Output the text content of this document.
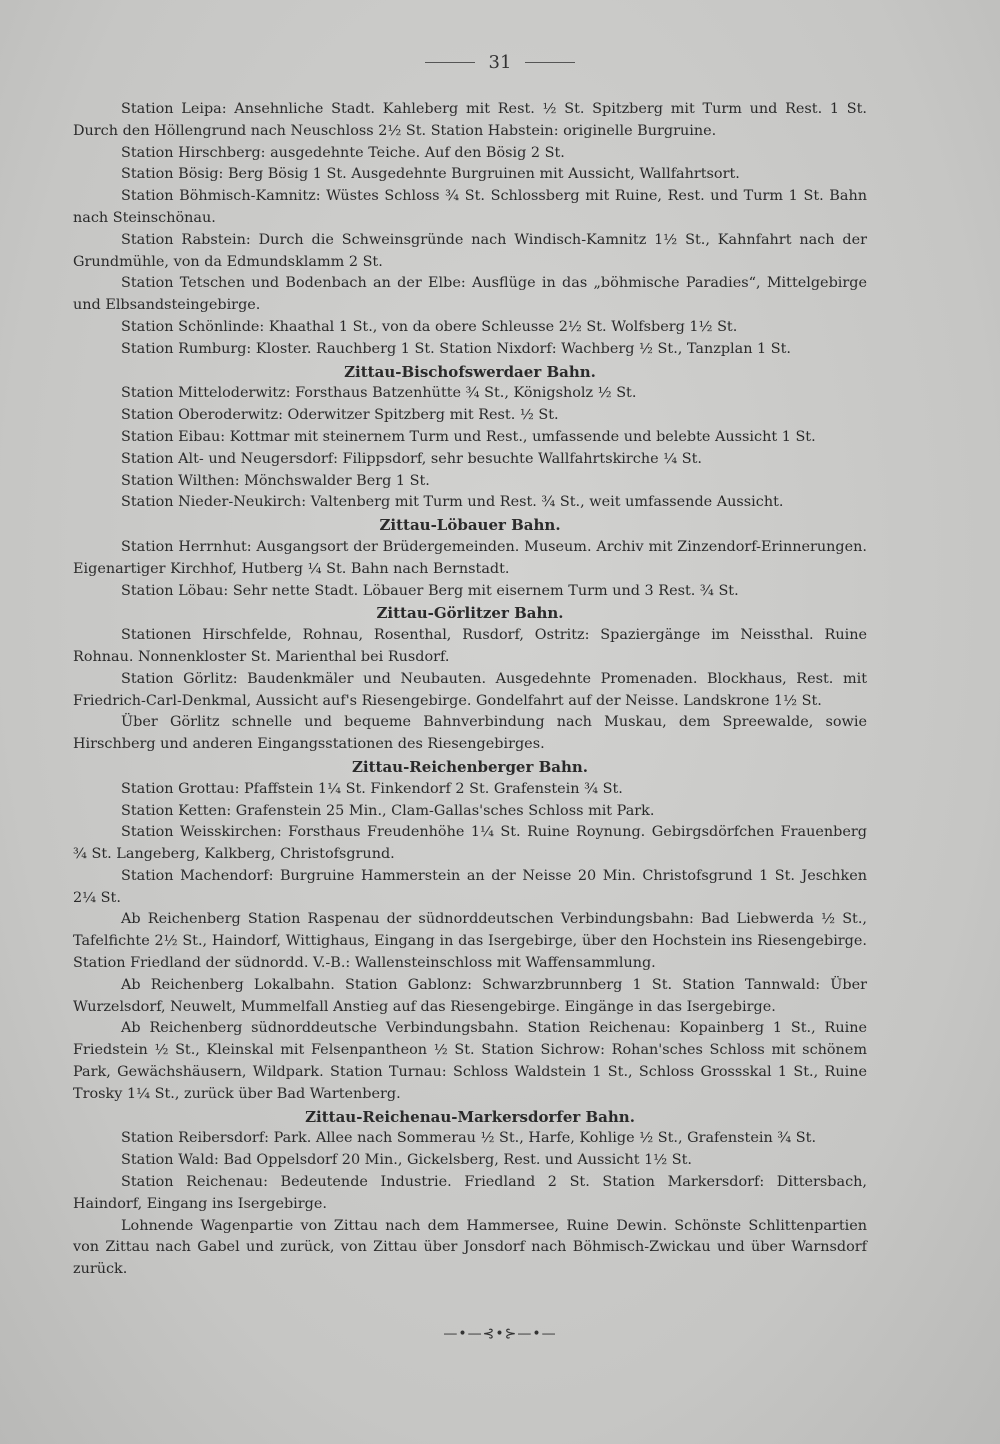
31

Station Leipa: Ansehnliche Stadt. Kahleberg mit Rest. ½ St. Spitzberg mit Turm und Rest. 1 St. Durch den Höllengrund nach Neuschloss 2½ St. Station Habstein: originelle Burgruine.

Station Hirschberg: ausgedehnte Teiche. Auf den Bösig 2 St.

Station Bösig: Berg Bösig 1 St. Ausgedehnte Burgruinen mit Aussicht, Wallfahrtsort.

Station Böhmisch-Kamnitz: Wüstes Schloss ¾ St. Schlossberg mit Ruine, Rest. und Turm 1 St. Bahn nach Steinschönau.

Station Rabstein: Durch die Schweinsgründe nach Windisch-Kamnitz 1½ St., Kahnfahrt nach der Grundmühle, von da Edmundsklamm 2 St.

Station Tetschen und Bodenbach an der Elbe: Ausflüge in das „böhmische Paradies“, Mittelgebirge und Elbsandsteingebirge.

Station Schönlinde: Khaathal 1 St., von da obere Schleusse 2½ St. Wolfsberg 1½ St.

Station Rumburg: Kloster. Rauchberg 1 St. Station Nixdorf: Wachberg ½ St., Tanzplan 1 St.

Zittau-Bischofswerdaer Bahn.

Station Mitteloderwitz: Forsthaus Batzenhütte ¾ St., Königsholz ½ St.

Station Oberoderwitz: Oderwitzer Spitzberg mit Rest. ½ St.

Station Eibau: Kottmar mit steinernem Turm und Rest., umfassende und belebte Aussicht 1 St.

Station Alt- und Neugersdorf: Filippsdorf, sehr besuchte Wallfahrtskirche ¼ St.

Station Wilthen: Mönchswalder Berg 1 St.

Station Nieder-Neukirch: Valtenberg mit Turm und Rest. ¾ St., weit umfassende Aussicht.

Zittau-Löbauer Bahn.

Station Herrnhut: Ausgangsort der Brüdergemeinden. Museum. Archiv mit Zinzendorf-Erinnerungen. Eigenartiger Kirchhof, Hutberg ¼ St. Bahn nach Bernstadt.

Station Löbau: Sehr nette Stadt. Löbauer Berg mit eisernem Turm und 3 Rest. ¾ St.

Zittau-Görlitzer Bahn.

Stationen Hirschfelde, Rohnau, Rosenthal, Rusdorf, Ostritz: Spaziergänge im Neissthal. Ruine Rohnau. Nonnenkloster St. Marienthal bei Rusdorf.

Station Görlitz: Baudenkmäler und Neubauten. Ausgedehnte Promenaden. Blockhaus, Rest. mit Friedrich-Carl-Denkmal, Aussicht auf's Riesengebirge. Gondelfahrt auf der Neisse. Landskrone 1½ St.

Über Görlitz schnelle und bequeme Bahnverbindung nach Muskau, dem Spreewalde, sowie Hirschberg und anderen Eingangsstationen des Riesengebirges.

Zittau-Reichenberger Bahn.

Station Grottau: Pfaffstein 1¼ St. Finkendorf 2 St. Grafenstein ¾ St.

Station Ketten: Grafenstein 25 Min., Clam-Gallas'sches Schloss mit Park.

Station Weisskirchen: Forsthaus Freudenhöhe 1¼ St. Ruine Roynung. Gebirgsdörfchen Frauenberg ¾ St. Langeberg, Kalkberg, Christofsgrund.

Station Machendorf: Burgruine Hammerstein an der Neisse 20 Min. Christofsgrund 1 St. Jeschken 2¼ St.

Ab Reichenberg Station Raspenau der südnorddeutschen Verbindungsbahn: Bad Liebwerda ½ St., Tafelfichte 2½ St., Haindorf, Wittighaus, Eingang in das Isergebirge, über den Hochstein ins Riesengebirge. Station Friedland der südnordd. V.-B.: Wallensteinschloss mit Waffensammlung.

Ab Reichenberg Lokalbahn. Station Gablonz: Schwarzbrunnberg 1 St. Station Tannwald: Über Wurzelsdorf, Neuwelt, Mummelfall Anstieg auf das Riesengebirge. Eingänge in das Isergebirge.

Ab Reichenberg südnorddeutsche Verbindungsbahn. Station Reichenau: Kopainberg 1 St., Ruine Friedstein ½ St., Kleinskal mit Felsenpantheon ½ St. Station Sichrow: Rohan'sches Schloss mit schönem Park, Gewächshäusern, Wildpark. Station Turnau: Schloss Waldstein 1 St., Schloss Grossskal 1 St., Ruine Trosky 1¼ St., zurück über Bad Wartenberg.

Zittau-Reichenau-Markersdorfer Bahn.

Station Reibersdorf: Park. Allee nach Sommerau ½ St., Harfe, Kohlige ½ St., Grafenstein ¾ St.

Station Wald: Bad Oppelsdorf 20 Min., Gickelsberg, Rest. und Aussicht 1½ St.

Station Reichenau: Bedeutende Industrie. Friedland 2 St. Station Markersdorf: Dittersbach, Haindorf, Eingang ins Isergebirge.

Lohnende Wagenpartie von Zittau nach dem Hammersee, Ruine Dewin. Schönste Schlittenpartien von Zittau nach Gabel und zurück, von Zittau über Jonsdorf nach Böhmisch-Zwickau und über Warnsdorf zurück.

—•—⊰•⊱—•—
